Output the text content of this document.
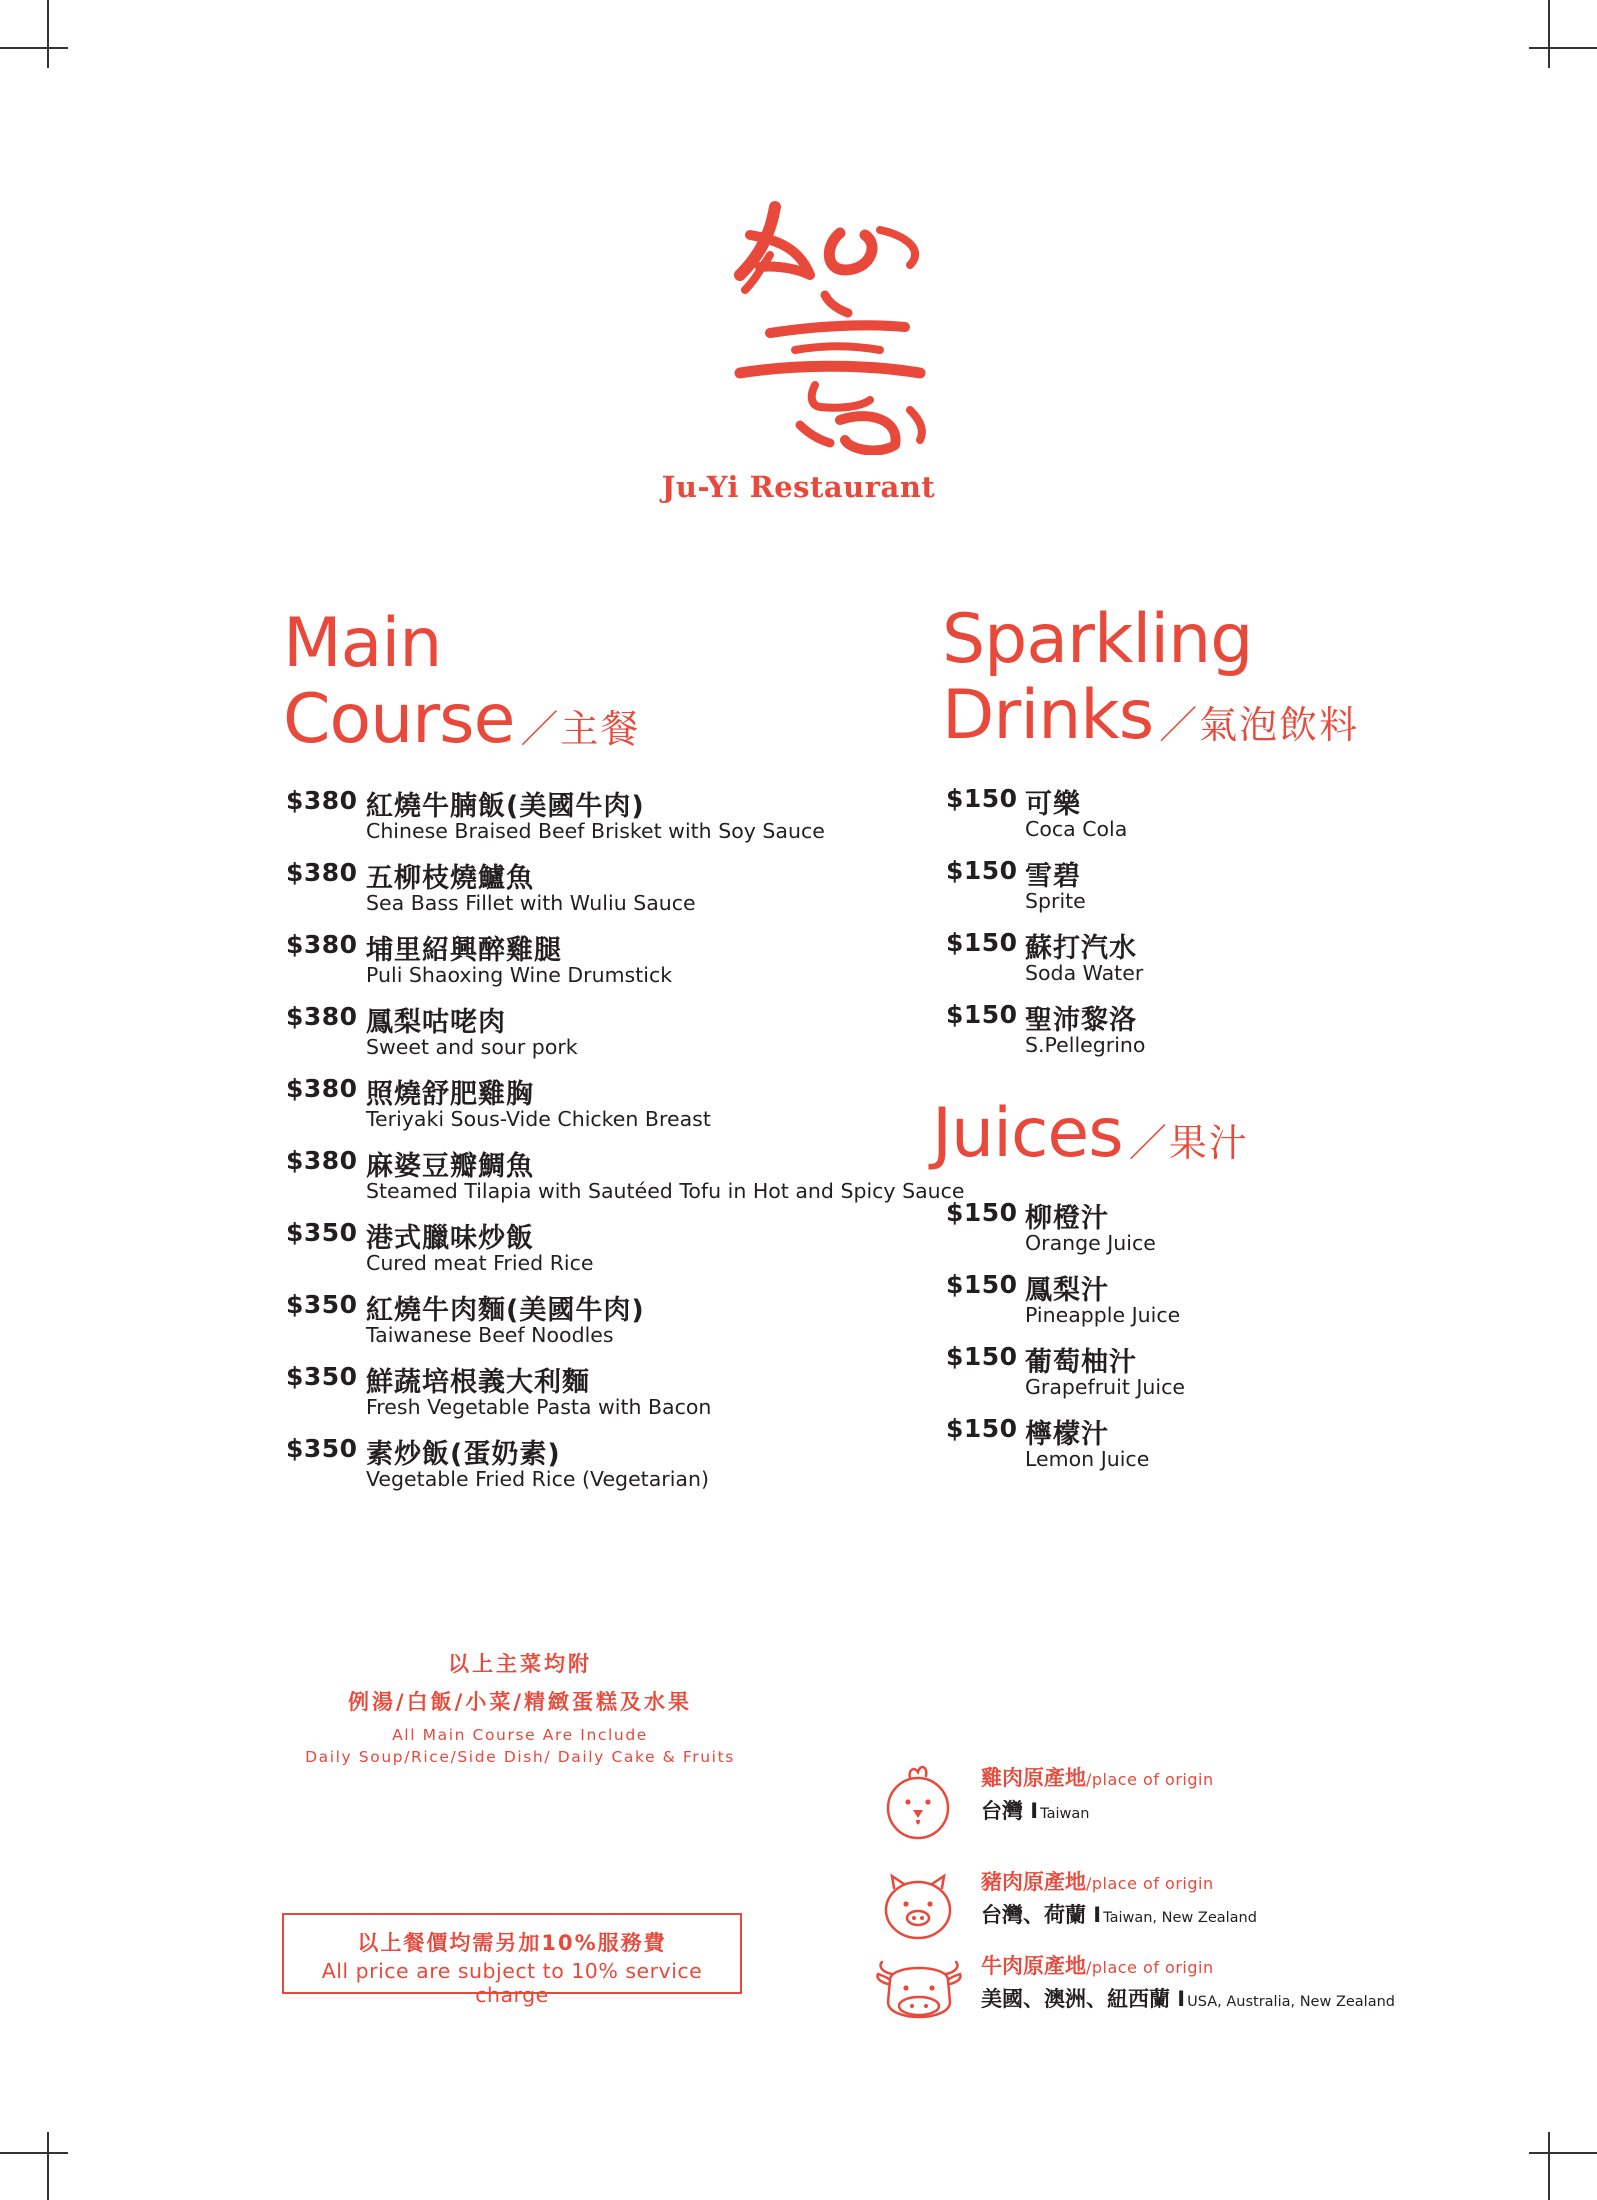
Ju-Yi Restaurant
Main
Course ／主餐
$380 紅燒牛腩飯(美國牛肉)
Chinese Braised Beef Brisket with Soy Sauce
$380 五柳枝燒鱸魚
Sea Bass Fillet with Wuliu Sauce
$380 埔里紹興醉雞腿
Puli Shaoxing Wine Drumstick
$380 鳳梨咕咾肉
Sweet and sour pork
$380 照燒舒肥雞胸
Teriyaki Sous-Vide Chicken Breast
$380 麻婆豆瓣鯛魚
Steamed Tilapia with Sautéed Tofu in Hot and Spicy Sauce
$350 港式臘味炒飯
Cured meat Fried Rice
$350 紅燒牛肉麵(美國牛肉)
Taiwanese Beef Noodles
$350 鮮蔬培根義大利麵
Fresh Vegetable Pasta with Bacon
$350 素炒飯(蛋奶素)
Vegetable Fried Rice (Vegetarian)
Sparkling
Drinks ／氣泡飲料
$150 可樂
Coca Cola
$150 雪碧
Sprite
$150 蘇打汽水
Soda Water
$150 聖沛黎洛
S.Pellegrino
Juices ／果汁
$150 柳橙汁
Orange Juice
$150 鳳梨汁
Pineapple Juice
$150 葡萄柚汁
Grapefruit Juice
$150 檸檬汁
Lemon Juice
以上主菜均附
例湯/白飯/小菜/精緻蛋糕及水果
All Main Course Are Include
Daily Soup/Rice/Side Dish/ Daily Cake & Fruits
以上餐價均需另加10%服務費
All price are subject to 10% service charge
雞肉原產地/place of origin
台灣 I Taiwan
豬肉原產地/place of origin
台灣、荷蘭 I Taiwan, New Zealand
牛肉原產地/place of origin
美國、澳洲、紐西蘭 I USA, Australia, New Zealand
